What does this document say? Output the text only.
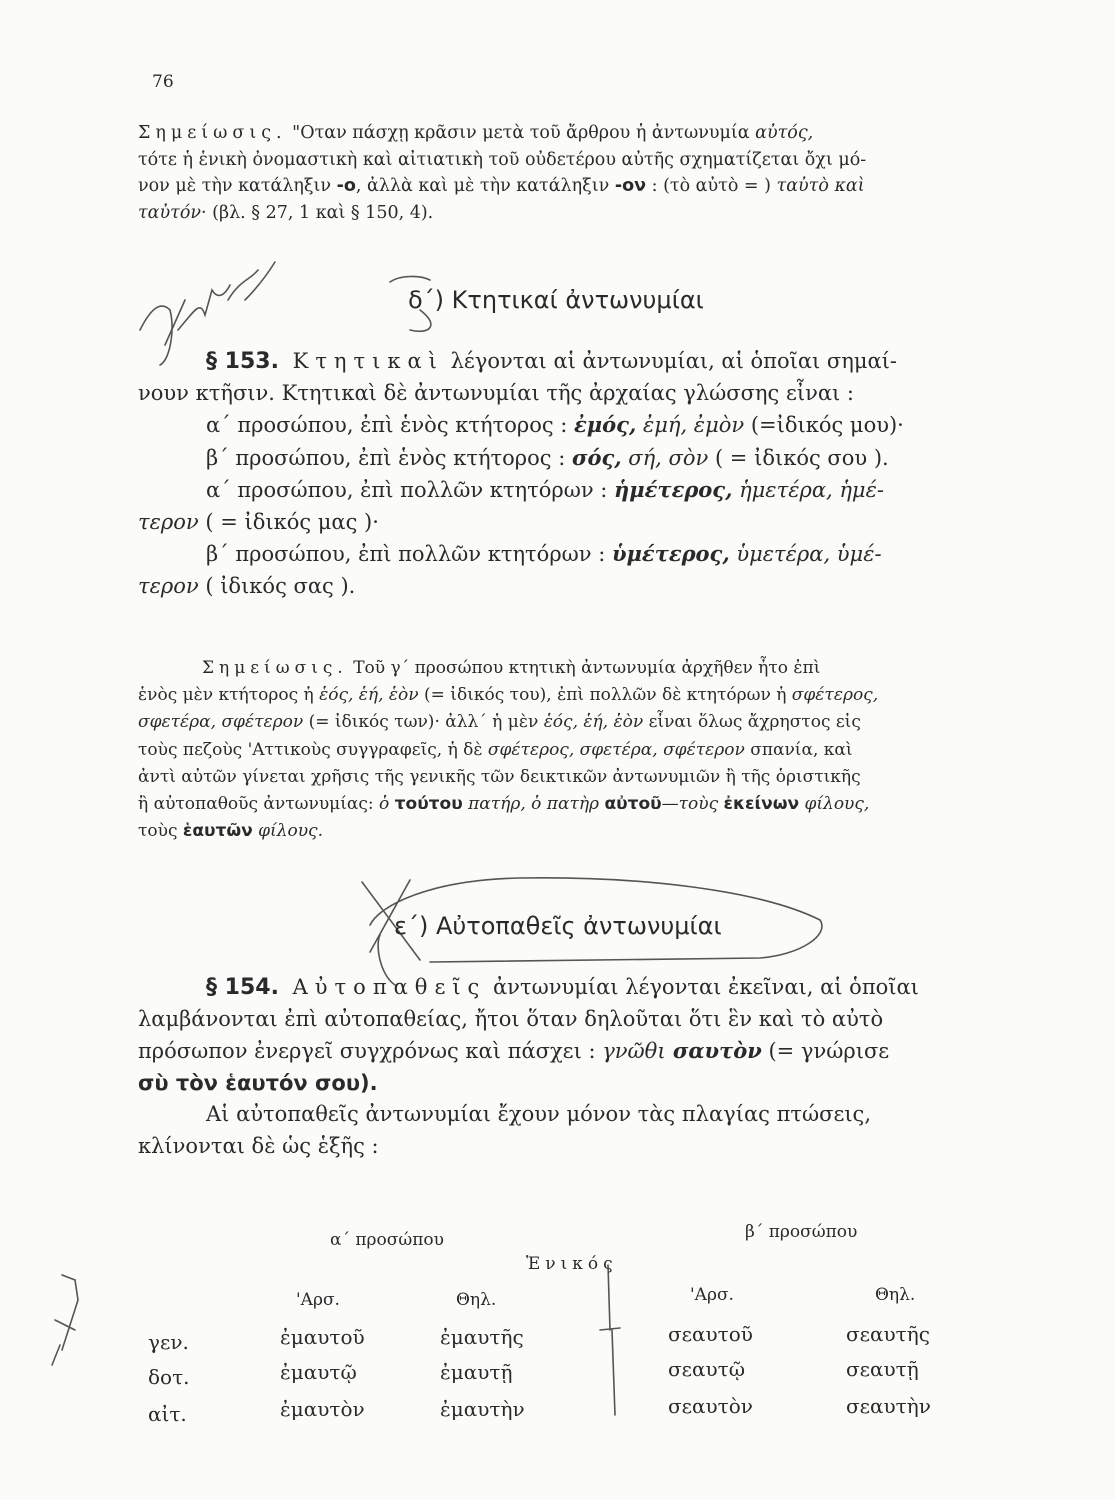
76
Σημείωσις. "Οταν πάσχῃ κρᾶσιν μετὰ τοῦ ἄρθρου ἡ ἀντωνυμία αὐτός,
τότε ἡ ἑνικὴ ὀνομαστικὴ καὶ αἰτιατικὴ τοῦ οὐδετέρου αὐτῆς σχηματίζεται ὄχι μό-
νον μὲ τὴν κατάληξιν -ο, ἀλλὰ καὶ μὲ τὴν κατάληξιν -ον : (τὸ αὐτὸ = ) ταὐτὸ καὶ
ταὐτόν· (βλ. § 27, 1 καὶ § 150, 4).
δ΄) Κτητικαί ἀντωνυμίαι
§ 153. Κτητικαὶ λέγονται αἱ ἀντωνυμίαι, αἱ ὁποῖαι σημαί-
νουν κτῆσιν. Κτητικαὶ δὲ ἀντωνυμίαι τῆς ἀρχαίας γλώσσης εἶναι :
α΄ προσώπου, ἐπὶ ἑνὸς κτήτορος : ἐμός, ἐμή, ἐμὸν (=ἰδικός μου)·
β΄ προσώπου, ἐπὶ ἑνὸς κτήτορος : σός, σή, σὸν ( = ἰδικός σου ).
α΄ προσώπου, ἐπὶ πολλῶν κτητόρων : ἡμέτερος, ἡμετέρα, ἡμέ-
τερον ( = ἰδικός μας )·
β΄ προσώπου, ἐπὶ πολλῶν κτητόρων : ὑμέτερος, ὑμετέρα, ὑμέ-
τερον ( ἰδικός σας ).
Σημείωσις. Τοῦ γ΄ προσώπου κτητικὴ ἀντωνυμία ἀρχῆθεν ἦτο ἐπὶ
ἑνὸς μὲν κτήτορος ἡ ἑός, ἑή, ἑὸν (= ἰδικός του), ἐπὶ πολλῶν δὲ κτητόρων ἡ σφέτερος,
σφετέρα, σφέτερον (= ἰδικός των)· ἀλλ΄ ἡ μὲν ἑός, ἑή, ἑὸν εἶναι ὅλως ἄχρηστος εἰς
τοὺς πεζοὺς 'Αττικοὺς συγγραφεῖς, ἡ δὲ σφέτερος, σφετέρα, σφέτερον σπανία, καὶ
ἀντὶ αὐτῶν γίνεται χρῆσις τῆς γενικῆς τῶν δεικτικῶν ἀντωνυμιῶν ἢ τῆς ὁριστικῆς
ἢ αὐτοπαθοῦς ἀντωνυμίας: ὁ τούτου πατήρ, ὁ πατὴρ αὐτοῦ—τοὺς ἐκείνων φίλους,
τοὺς ἑαυτῶν φίλους.
ε΄) Αὐτοπαθεῖς ἀντωνυμίαι
§ 154. Αὐτοπαθεῖς ἀντωνυμίαι λέγονται ἐκεῖναι, αἱ ὁποῖαι
λαμβάνονται ἐπὶ αὐτοπαθείας, ἤτοι ὅταν δηλοῦται ὅτι ἓν καὶ τὸ αὐτὸ
πρόσωπον ἐνεργεῖ συγχρόνως καὶ πάσχει : γνῶθι σαυτὸν (= γνώρισε
σὺ τὸν ἑαυτόν σου).
Αἱ αὐτοπαθεῖς ἀντωνυμίαι ἔχουν μόνον τὰς πλαγίας πτώσεις,
κλίνονται δὲ ὡς ἑξῆς :
α΄ προσώπου	β΄ προσώπου
Ἑνικός
'Αρσ.	Θηλ.	'Αρσ.	Θηλ.
γεν.	ἐμαυτοῦ	ἐμαυτῆς	σεαυτοῦ	σεαυτῆς
δοτ.	ἐμαυτῷ	ἐμαυτῇ	σεαυτῷ	σεαυτῇ
αἰτ.	ἐμαυτὸν	ἐμαυτὴν	σεαυτὸν	σεαυτὴν
